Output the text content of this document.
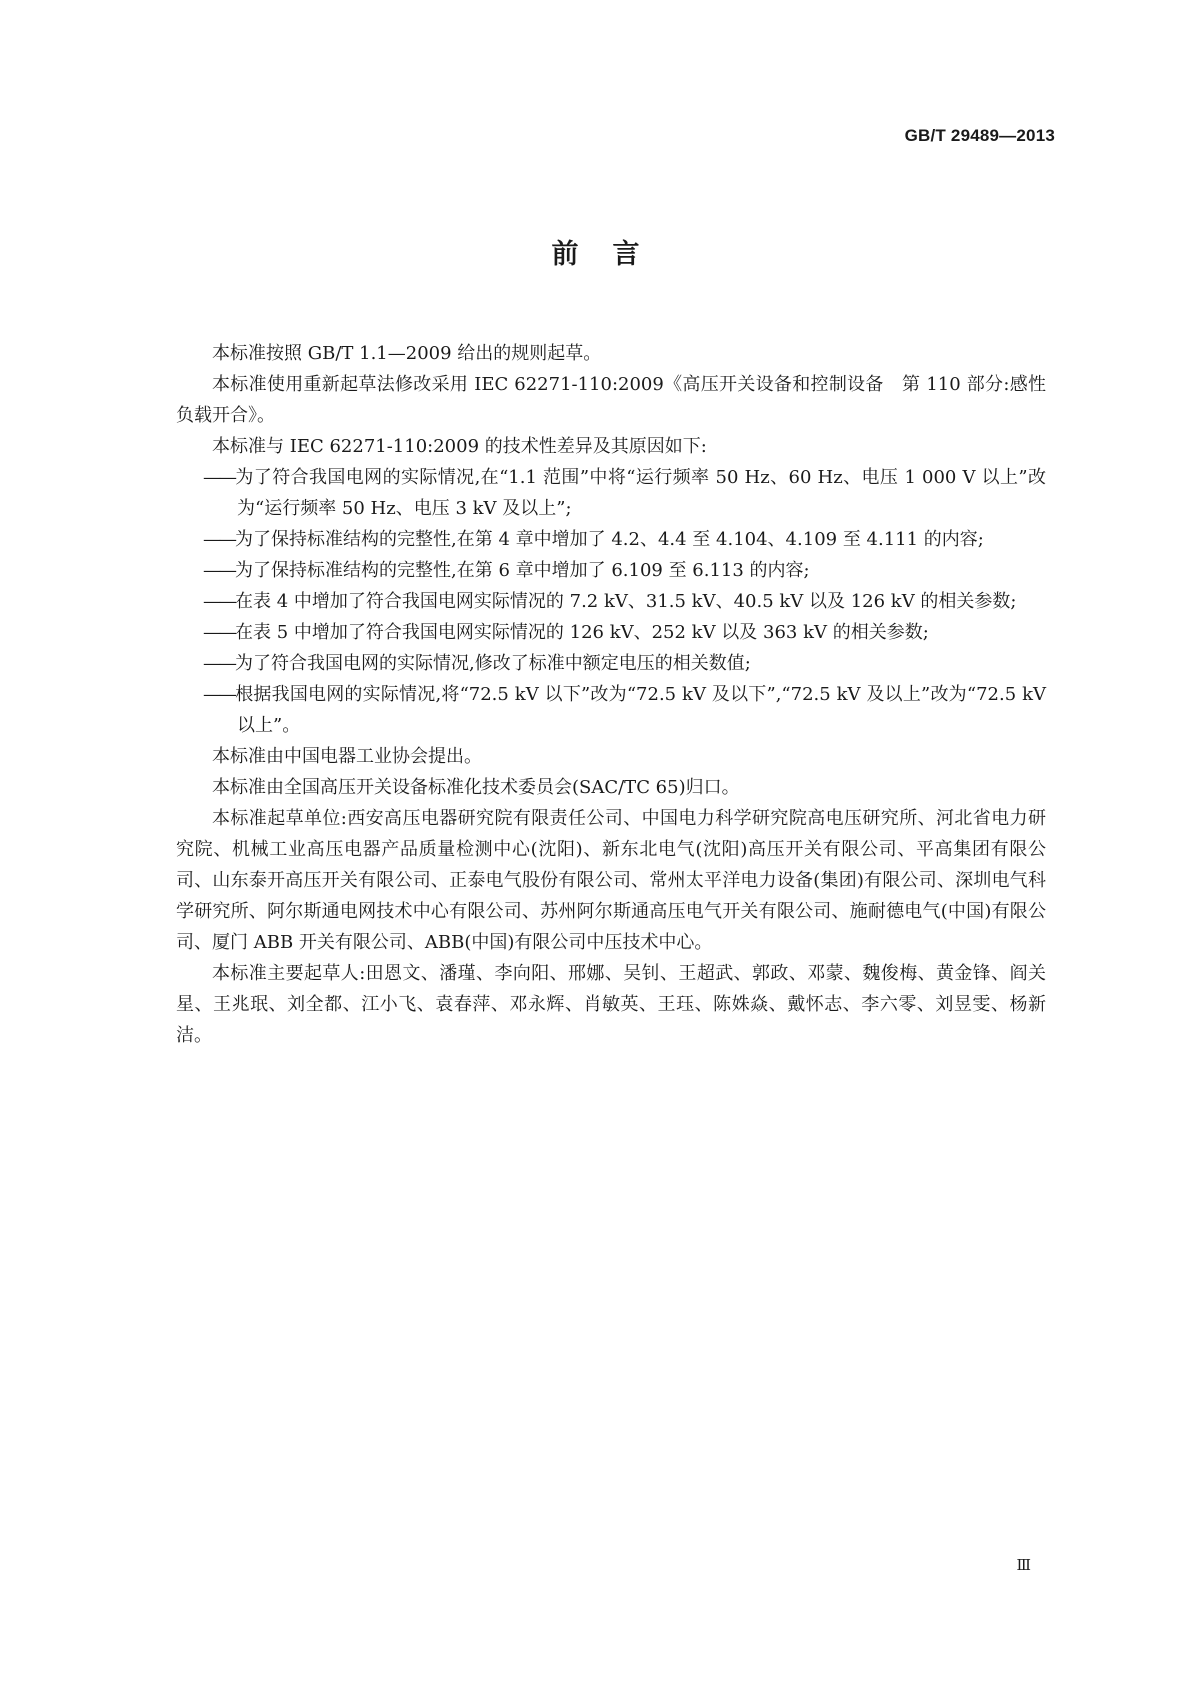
GB/T 29489—2013
前言

本标准按照 GB/T 1.1—2009 给出的规则起草。

本标准使用重新起草法修改采用 IEC 62271-110:2009《高压开关设备和控制设备　第 110 部分:感性负载开合》。

本标准与 IEC 62271-110:2009 的技术性差异及其原因如下:

——为了符合我国电网的实际情况,在“1.1 范围”中将“运行频率 50 Hz、60 Hz、电压 1 000 V 以上”改为“运行频率 50 Hz、电压 3 kV 及以上”;

——为了保持标准结构的完整性,在第 4 章中增加了 4.2、4.4 至 4.104、4.109 至 4.111 的内容;

——为了保持标准结构的完整性,在第 6 章中增加了 6.109 至 6.113 的内容;

——在表 4 中增加了符合我国电网实际情况的 7.2 kV、31.5 kV、40.5 kV 以及 126 kV 的相关参数;

——在表 5 中增加了符合我国电网实际情况的 126 kV、252 kV 以及 363 kV 的相关参数;

——为了符合我国电网的实际情况,修改了标准中额定电压的相关数值;

——根据我国电网的实际情况,将“72.5 kV 以下”改为“72.5 kV 及以下”,“72.5 kV 及以上”改为“72.5 kV 以上”。

本标准由中国电器工业协会提出。

本标准由全国高压开关设备标准化技术委员会(SAC/TC 65)归口。

本标准起草单位:西安高压电器研究院有限责任公司、中国电力科学研究院高电压研究所、河北省电力研究院、机械工业高压电器产品质量检测中心(沈阳)、新东北电气(沈阳)高压开关有限公司、平高集团有限公司、山东泰开高压开关有限公司、正泰电气股份有限公司、常州太平洋电力设备(集团)有限公司、深圳电气科学研究所、阿尔斯通电网技术中心有限公司、苏州阿尔斯通高压电气开关有限公司、施耐德电气(中国)有限公司、厦门 ABB 开关有限公司、ABB(中国)有限公司中压技术中心。

本标准主要起草人:田恩文、潘瑾、李向阳、邢娜、吴钊、王超武、郭政、邓蒙、魏俊梅、黄金锋、阎关星、王兆珉、刘全都、江小飞、袁春萍、邓永辉、肖敏英、王珏、陈姝焱、戴怀志、李六零、刘昱雯、杨新洁。

Ⅲ
